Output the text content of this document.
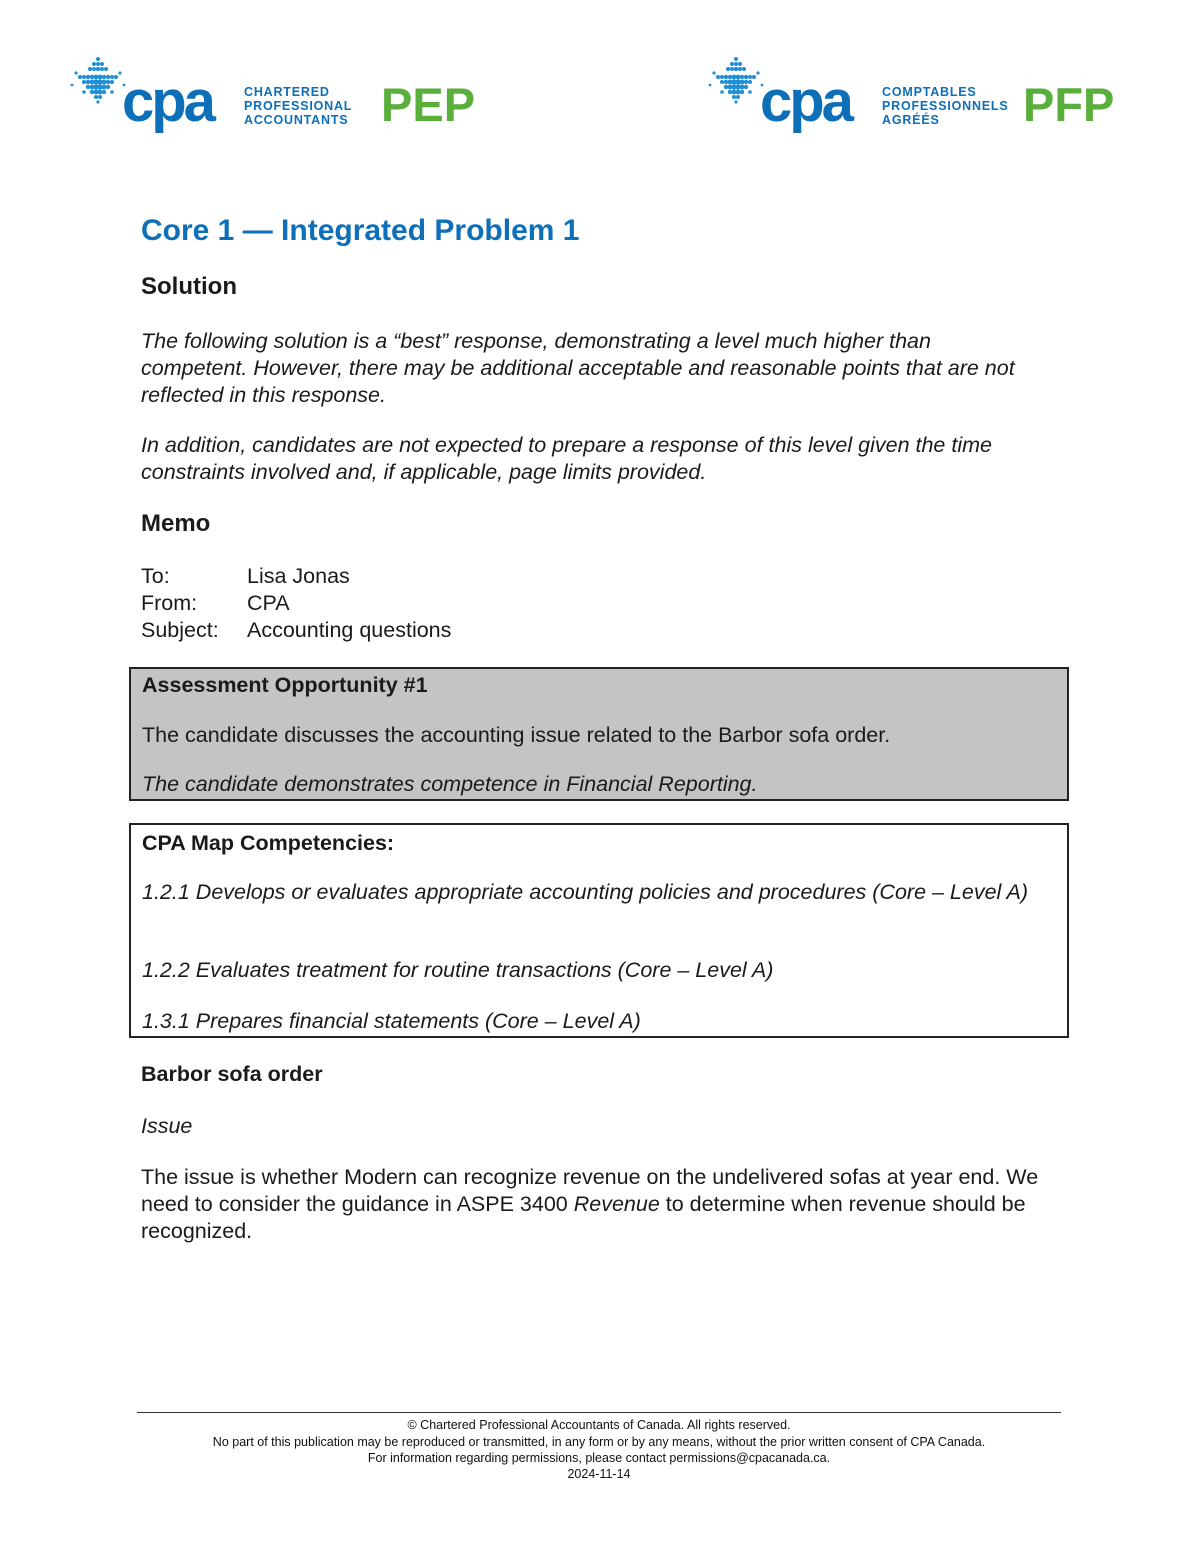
cpa CHARTERED
PROFESSIONAL
ACCOUNTANTS PEP	cpa COMPTABLES
PROFESSIONNELS
AGRÉÉS	PFP
Core 1 — Integrated Problem 1
Solution

The following solution is a “best” response, demonstrating a level much higher than competent. However, there may be additional acceptable and reasonable points that are not reflected in this response.

In addition, candidates are not expected to prepare a response of this level given the time constraints involved and, if applicable, page limits provided.

Memo
To:	Lisa Jonas
From: CPA
Subject: Accounting questions
Assessment Opportunity #1
The candidate discusses the accounting issue related to the Barbor sofa order.
The candidate demonstrates competence in Financial Reporting.
CPA Map Competencies:
1.2.1 Develops or evaluates appropriate accounting policies and procedures (Core – Level A)
1.2.2 Evaluates treatment for routine transactions (Core – Level A)
1.3.1 Prepares financial statements (Core – Level A)
Barbor sofa order
Issue

The issue is whether Modern can recognize revenue on the undelivered sofas at year end. We need to consider the guidance in ASPE 3400 Revenue to determine when revenue should be recognized.

© Chartered Professional Accountants of Canada. All rights reserved.
No part of this publication may be reproduced or transmitted, in any form or by any means, without the prior written consent of CPA Canada.
For information regarding permissions, please contact permissions@cpacanada.ca.
2024-11-14
